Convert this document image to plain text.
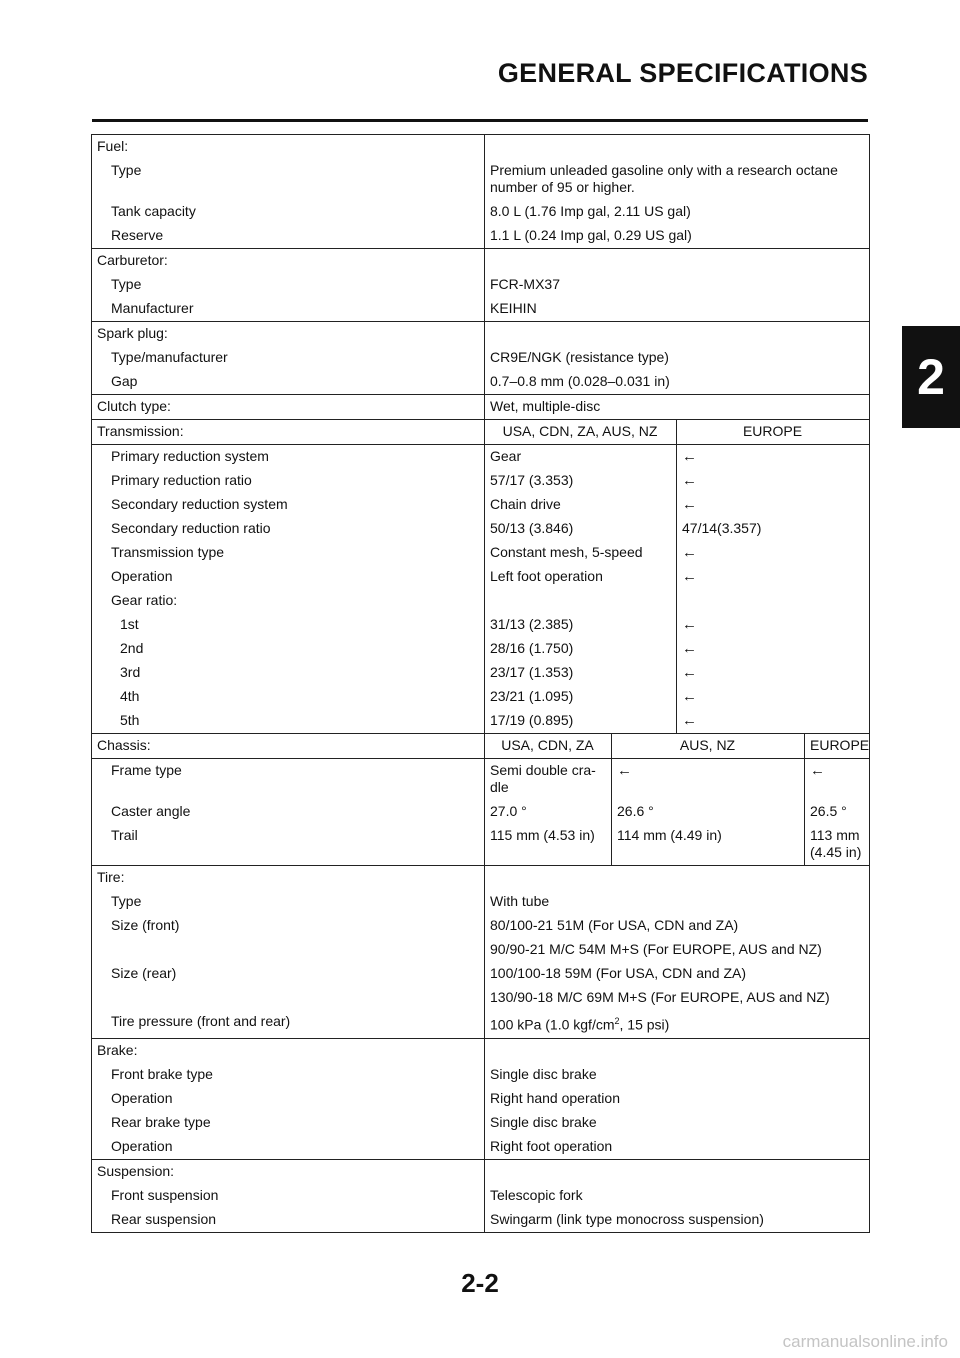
GENERAL SPECIFICATIONS
2
Fuel:				
Type	Premium unleaded gasoline only with a research octane number of 95 or higher.			
Tank capacity	8.0 L (1.76 Imp gal, 2.11 US gal)			
Reserve	1.1 L (0.24 Imp gal, 0.29 US gal)			
Carburetor:				
Type	FCR-MX37			
Manufacturer	KEIHIN			
Spark plug:				
Type/manufacturer	CR9E/NGK (resistance type)			
Gap	0.7–0.8 mm (0.028–0.031 in)			
Clutch type:	Wet, multiple-disc			
Transmission:	USA, CDN, ZA, AUS, NZ		EUROPE	
Primary reduction system	Gear		←	
Primary reduction ratio	57/17 (3.353)		←	
Secondary reduction system	Chain drive		←	
Secondary reduction ratio	50/13 (3.846)		47/14(3.357)	
Transmission type	Constant mesh, 5-speed		←	
Operation	Left foot operation		←	
Gear ratio:				
1st	31/13 (2.385)		←	
2nd	28/16 (1.750)		←	
3rd	23/17 (1.353)		←	
4th	23/21 (1.095)		←	
5th	17/19 (0.895)		←	
Chassis:	USA, CDN, ZA	AUS, NZ		EUROPE
Frame type	Semi double cra-dle	←		←
Caster angle	27.0 °	26.6 °		26.5 °
Trail	115 mm (4.53 in)	114 mm (4.49 in)		113 mm (4.45 in)
Tire:				
Type	With tube			
Size (front)	80/100-21 51M (For USA, CDN and ZA)			
	90/90-21 M/C 54M M+S (For EUROPE, AUS and NZ)			
Size (rear)	100/100-18 59M (For USA, CDN and ZA)			
	130/90-18 M/C 69M M+S (For EUROPE, AUS and NZ)			
Tire pressure (front and rear)	100 kPa (1.0 kgf/$cm^2$, 15 psi)			
Brake:				
Front brake type	Single disc brake			
Operation	Right hand operation			
Rear brake type	Single disc brake			
Operation	Right foot operation			
Suspension:				
Front suspension	Telescopic fork			
Rear suspension	Swingarm (link type monocross suspension)			
2-2
carmanualsonline.info
